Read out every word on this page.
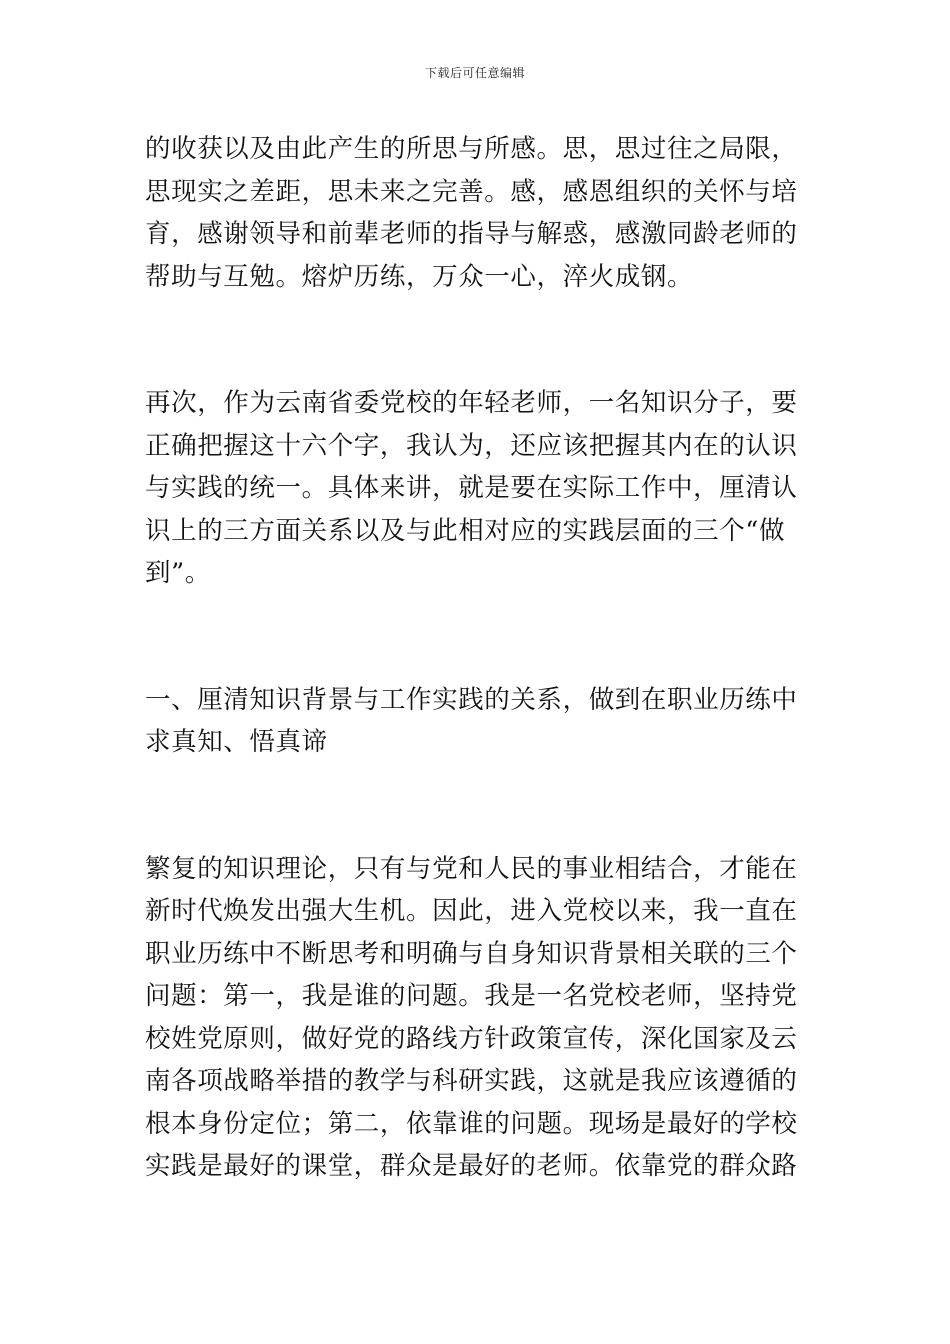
下载后可任意编辑
的收获以及由此产生的所思与所感。思，思过往之局限，
思现实之差距，思未来之完善。感，感恩组织的关怀与培
育，感谢领导和前辈老师的指导与解惑，感激同龄老师的
帮助与互勉。熔炉历练，万众一心，淬火成钢。
再次，作为云南省委党校的年轻老师，一名知识分子，要
正确把握这十六个字，我认为，还应该把握其内在的认识
与实践的统一。具体来讲，就是要在实际工作中，厘清认
识上的三方面关系以及与此相对应的实践层面的三个“做
到”。
一、厘清知识背景与工作实践的关系，做到在职业历练中
求真知、悟真谛
繁复的知识理论，只有与党和人民的事业相结合，才能在
新时代焕发出强大生机。因此，进入党校以来，我一直在
职业历练中不断思考和明确与自身知识背景相关联的三个
问题：第一，我是谁的问题。我是一名党校老师，坚持党
校姓党原则，做好党的路线方针政策宣传，深化国家及云
南各项战略举措的教学与科研实践，这就是我应该遵循的
根本身份定位；第二，依靠谁的问题。现场是最好的学校
实践是最好的课堂，群众是最好的老师。依靠党的群众路
